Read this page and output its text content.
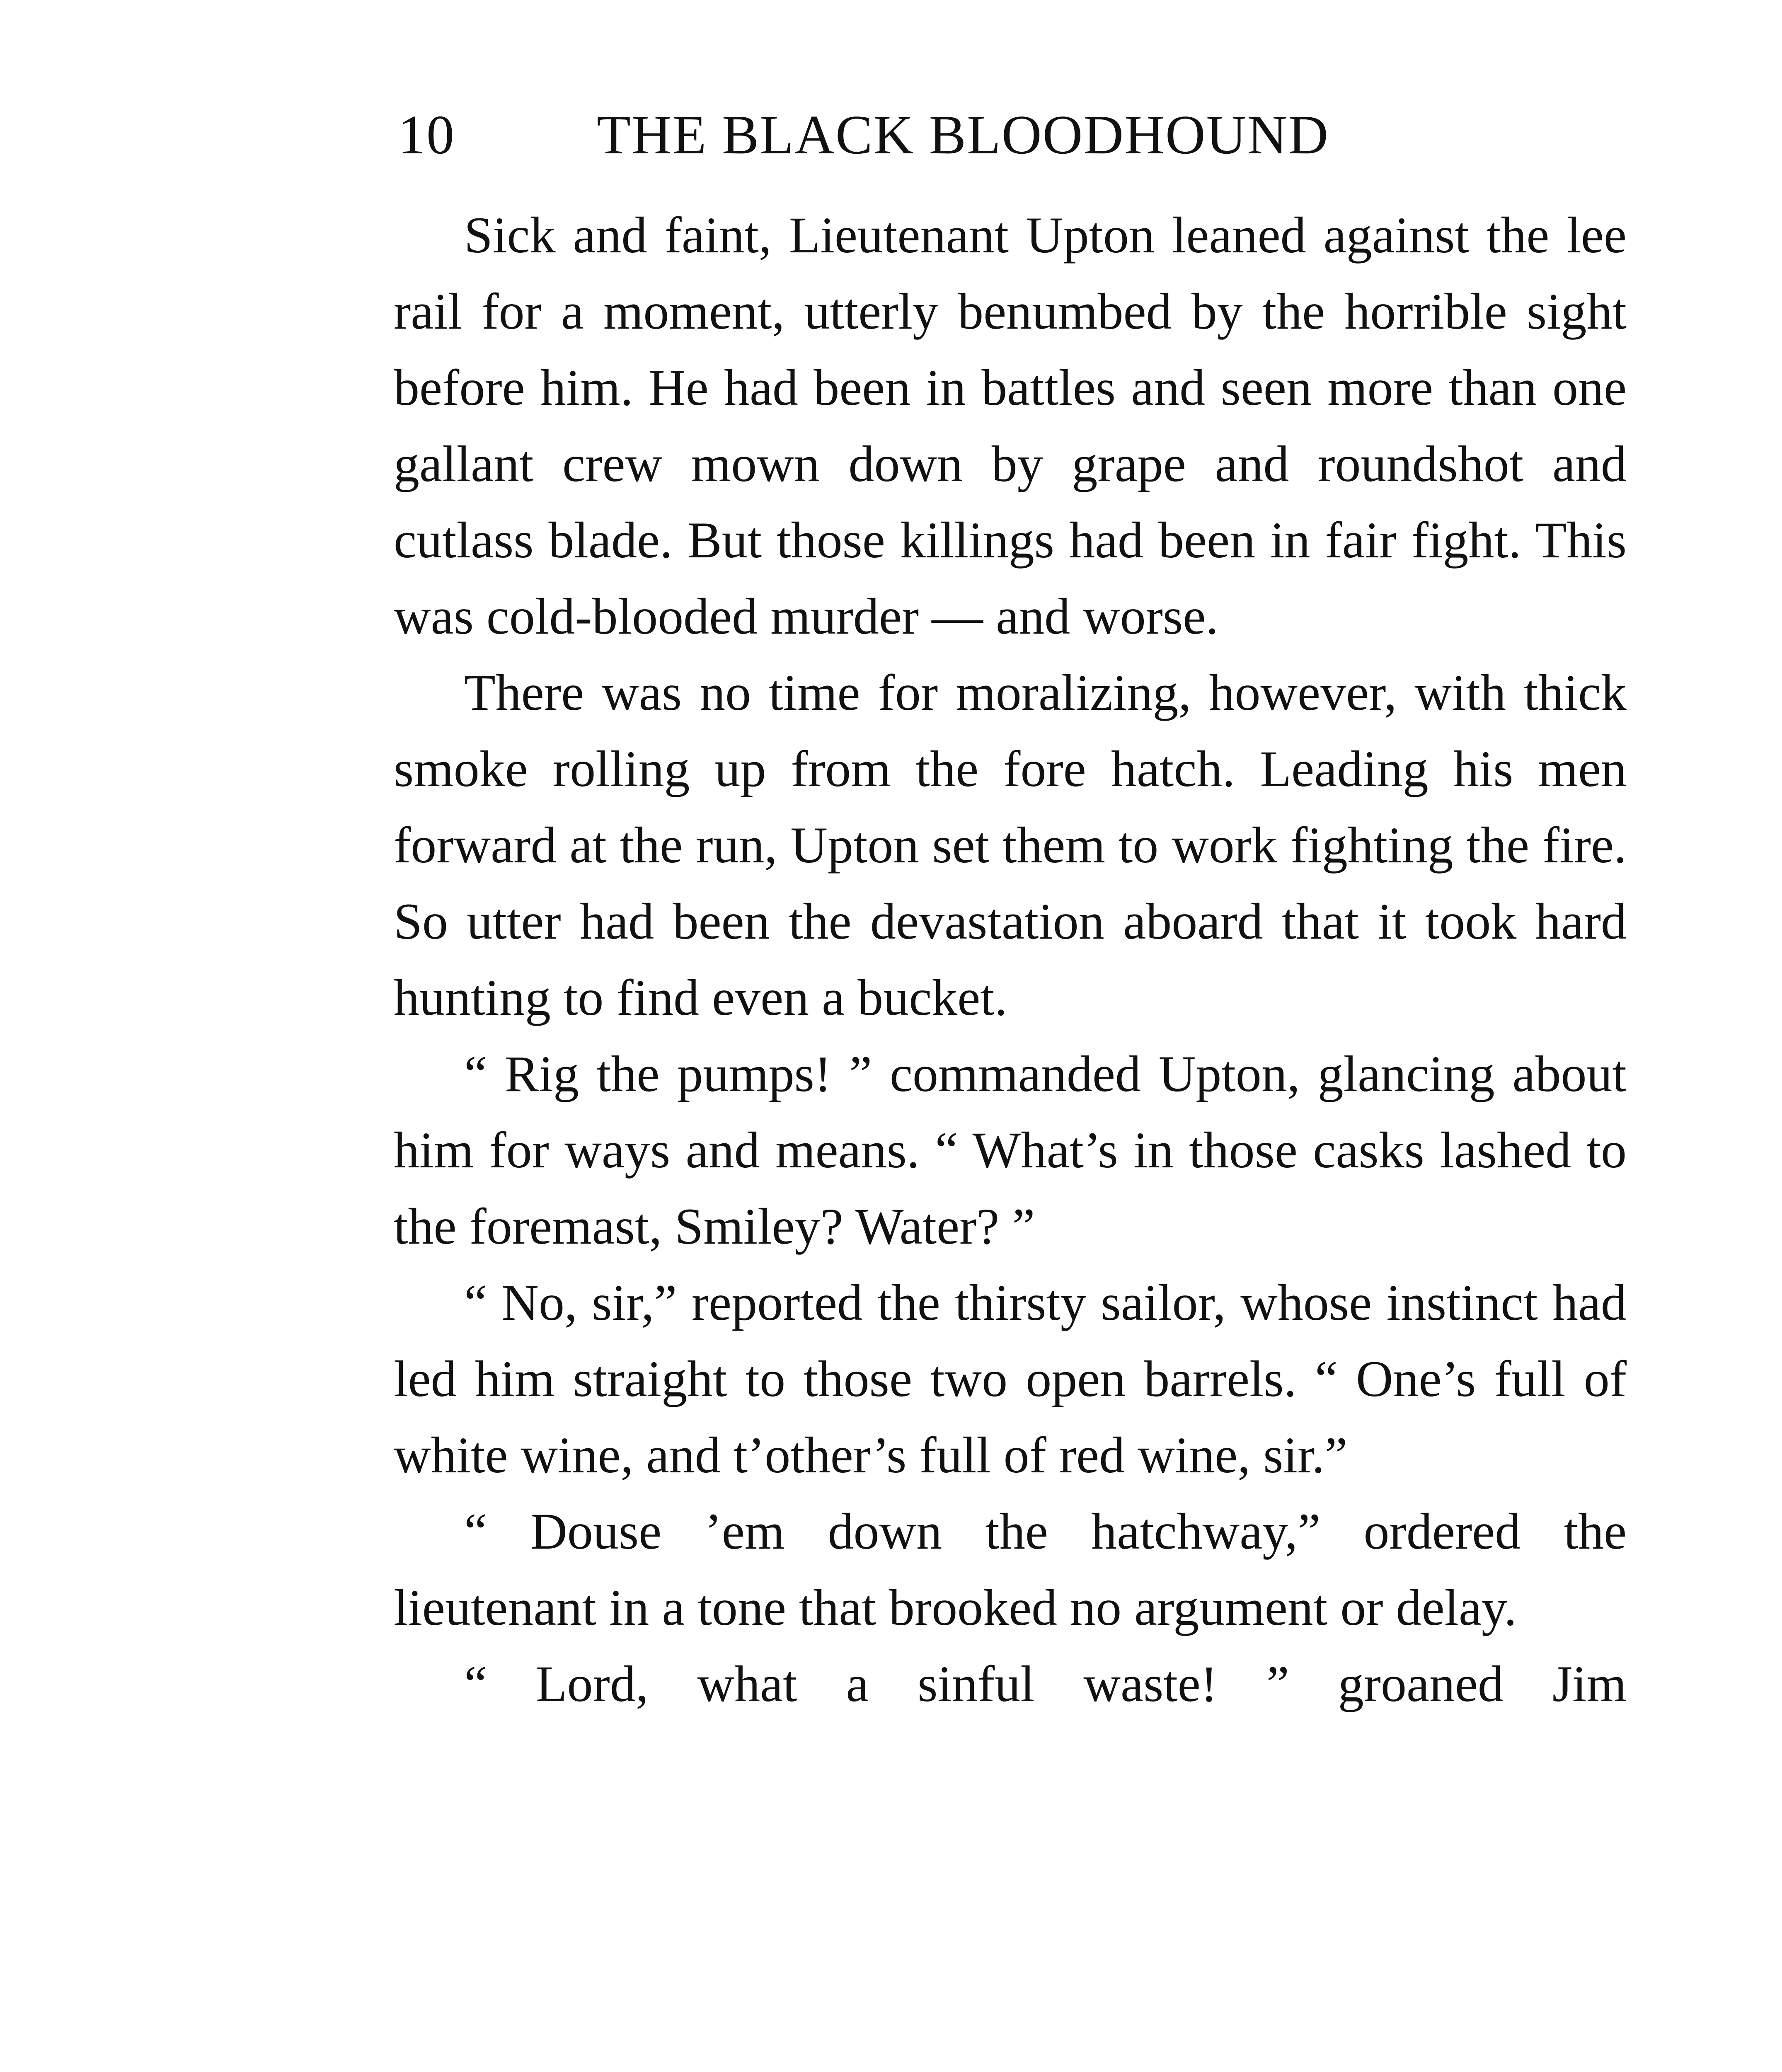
10	THE BLACK BLOODHOUND

Sick and faint, Lieutenant Upton leaned against the lee rail for a moment, utterly benumbed by the horrible sight before him. He had been in battles and seen more than one gallant crew mown down by grape and roundshot and cutlass blade. But those killings had been in fair fight. This was cold-blooded murder — and worse.

There was no time for moralizing, however, with thick smoke rolling up from the fore hatch. Leading his men forward at the run, Upton set them to work fighting the fire. So utter had been the devastation aboard that it took hard hunting to find even a bucket.

“ Rig the pumps! ” commanded Upton, glancing about him for ways and means. “ What’s in those casks lashed to the foremast, Smiley? Water? ”

“ No, sir,” reported the thirsty sailor, whose instinct had led him straight to those two open barrels. “ One’s full of white wine, and t’other’s full of red wine, sir.”

“ Douse ’em down the hatchway,” ordered the lieutenant in a tone that brooked no argument or delay.

“ Lord, what a sinful waste! ” groaned Jim
